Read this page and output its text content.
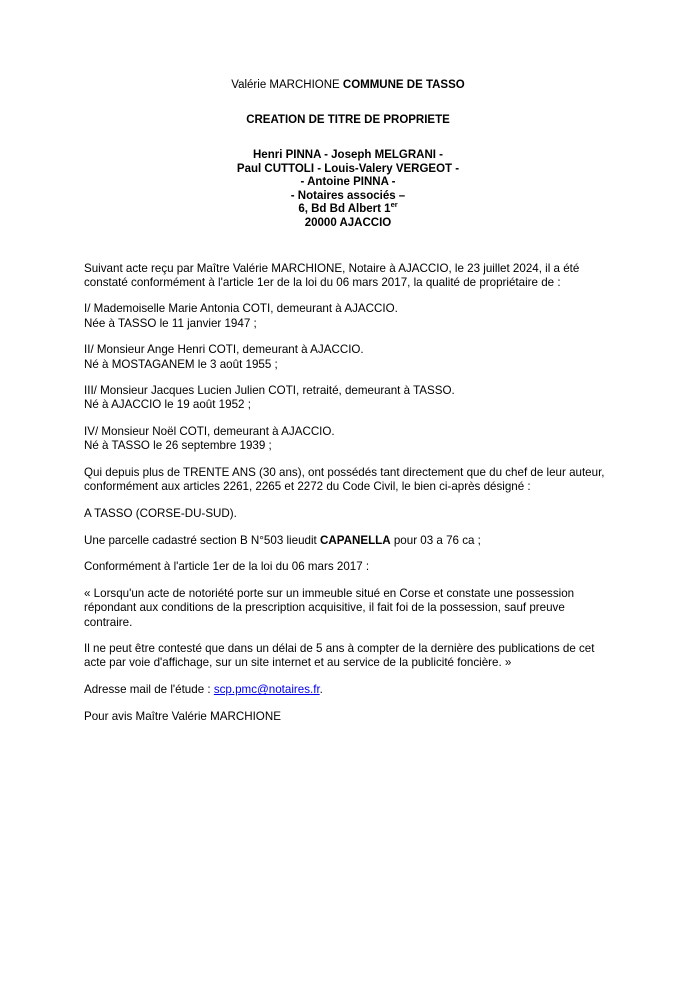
Valérie MARCHIONE COMMUNE DE TASSO
CREATION DE TITRE DE PROPRIETE
Henri PINNA - Joseph MELGRANI -
Paul CUTTOLI - Louis-Valery VERGEOT -
- Antoine PINNA -
- Notaires associés –
6, Bd Bd Albert 1er
20000 AJACCIO

Suivant acte reçu par Maître Valérie MARCHIONE, Notaire à AJACCIO, le 23 juillet 2024, il a été constaté conformément à l'article 1er de la loi du 06 mars 2017, la qualité de propriétaire de :

I/ Mademoiselle Marie Antonia COTI, demeurant à AJACCIO.
Née à TASSO le 11 janvier 1947 ;

II/ Monsieur Ange Henri COTI, demeurant à AJACCIO.
Né à MOSTAGANEM le 3 août 1955 ;

III/ Monsieur Jacques Lucien Julien COTI, retraité, demeurant à TASSO.
Né à AJACCIO le 19 août 1952 ;

IV/ Monsieur Noël COTI, demeurant à AJACCIO.
Né à TASSO le 26 septembre 1939 ;

Qui depuis plus de TRENTE ANS (30 ans), ont possédés tant directement que du chef de leur auteur, conformément aux articles 2261, 2265 et 2272 du Code Civil, le bien ci-après désigné :

A TASSO (CORSE-DU-SUD).

Une parcelle cadastré section B N°503 lieudit CAPANELLA pour 03 a 76 ca ;

Conformément à l'article 1er de la loi du 06 mars 2017 :

« Lorsqu'un acte de notoriété porte sur un immeuble situé en Corse et constate une possession répondant aux conditions de la prescription acquisitive, il fait foi de la possession, sauf preuve contraire.

Il ne peut être contesté que dans un délai de 5 ans à compter de la dernière des publications de cet acte par voie d'affichage, sur un site internet et au service de la publicité foncière. »

Adresse mail de l'étude : scp.pmc@notaires.fr.

Pour avis Maître Valérie MARCHIONE
